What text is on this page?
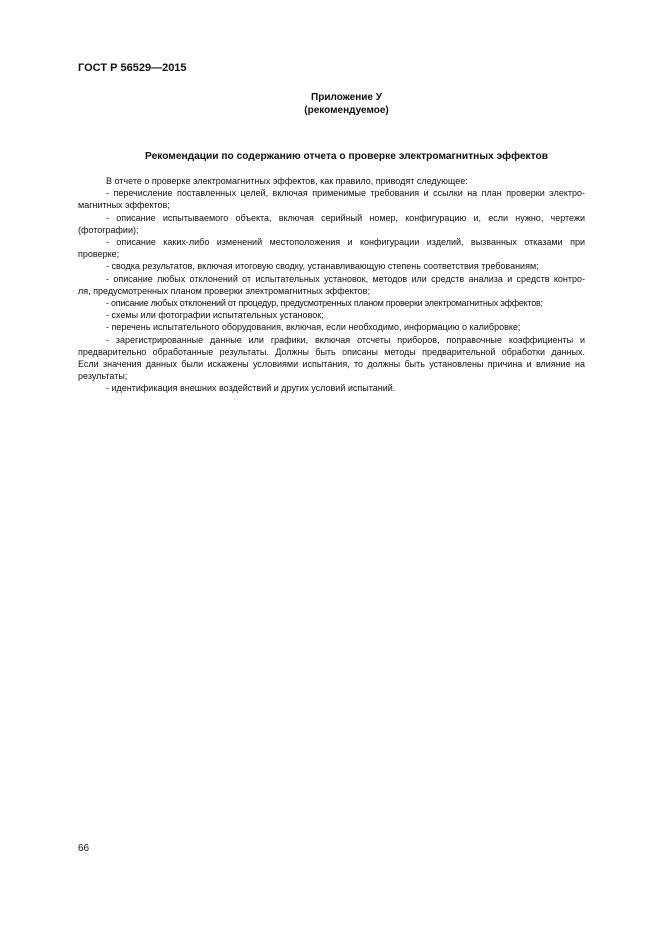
ГОСТ Р 56529—2015
Приложение У
(рекомендуемое)
Рекомендации по содержанию отчета о проверке электромагнитных эффектов
В отчете о проверке электромагнитных эффектов, как правило, приводят следующее:
- перечисление поставленных целей, включая применимые требования и ссылки на план проверки электро-
магнитных эффектов;
- описание испытываемого объекта, включая серийный номер, конфигурацию и, если нужно, чертежи
(фотографии);
- описание каких-либо изменений местоположения и конфигурации изделий, вызванных отказами при
проверке;
- сводка результатов, включая итоговую сводку, устанавливающую степень соответствия требованиям;
- описание любых отклонений от испытательных установок, методов или средств анализа и средств контро-
ля, предусмотренных планом проверки электромагнитных эффектов;
- описание любых отклонений от процедур, предусмотренных планом проверки электромагнитных эффектов;
- схемы или фотографии испытательных установок;
- перечень испытательного оборудования, включая, если необходимо, информацию о калибровке;
- зарегистрированные данные или графики, включая отсчеты приборов, поправочные коэффициенты и
предварительно обработанные результаты. Должны быть описаны методы предварительной обработки данных.
Если значения данных были искажены условиями испытания, то должны быть установлены причина и влияние на
результаты;
- идентификация внешних воздействий и других условий испытаний.
66
